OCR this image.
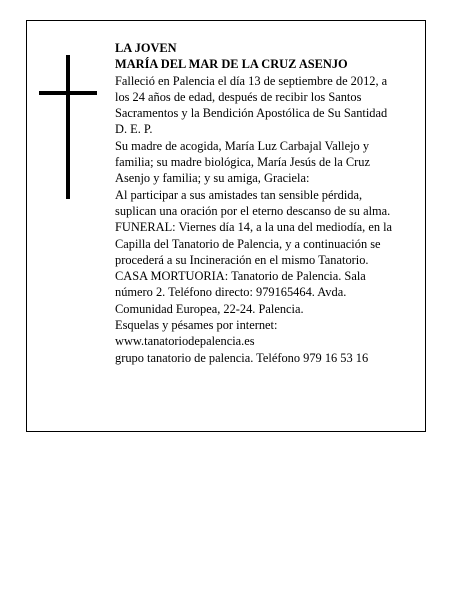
LA JOVEN
MARÍA DEL MAR DE LA CRUZ ASENJO
Falleció en Palencia el día 13 de septiembre de 2012, a
los 24 años de edad, después de recibir los Santos
Sacramentos y la Bendición Apostólica de Su Santidad
D. E. P.
Su madre de acogida, María Luz Carbajal Vallejo y
familia; su madre biológica, María Jesús de la Cruz
Asenjo y familia; y su amiga, Graciela:
Al participar a sus amistades tan sensible pérdida,
suplican una oración por el eterno descanso de su alma.
FUNERAL: Viernes día 14, a la una del mediodía, en la
Capilla del Tanatorio de Palencia, y a continuación se
procederá a su Incineración en el mismo Tanatorio.
CASA MORTUORIA: Tanatorio de Palencia. Sala
número 2. Teléfono directo: 979165464. Avda.
Comunidad Europea, 22-24. Palencia.
Esquelas y pésames por internet:
www.tanatoriodepalencia.es
grupo tanatorio de palencia. Teléfono 979 16 53 16
